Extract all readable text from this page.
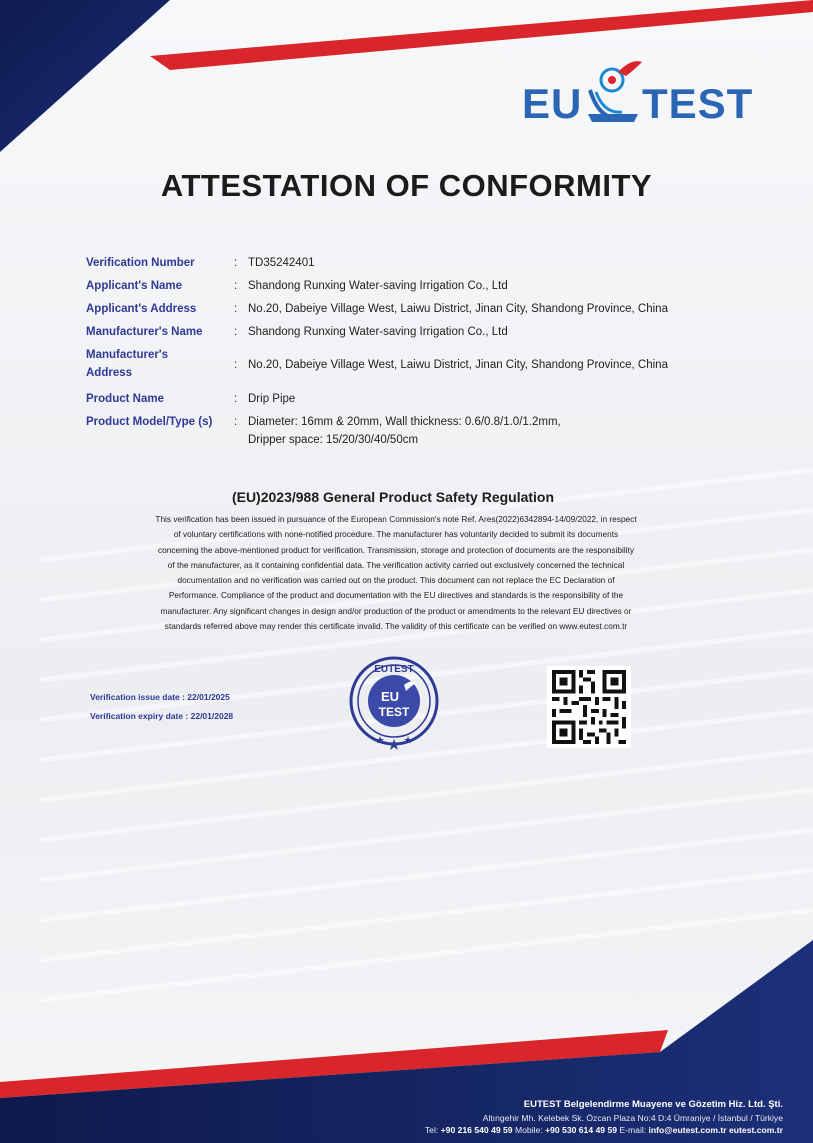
EU TEST
ATTESTATION OF CONFORMITY
Verification Number	: TD35242401
Applicant's Name	: Shandong Runxing Water-saving Irrigation Co., Ltd
Applicant's Address	: No.20, Dabeiye Village West, Laiwu District, Jinan City, Shandong Province, China
Manufacturer's Name	: Shandong Runxing Water-saving Irrigation Co., Ltd
Manufacturer's
Address
: No.20, Dabeiye Village West, Laiwu District, Jinan City, Shandong Province, China
Product Name	: Drip Pipe
Product Model/Type (s)	: Diameter: 16mm & 20mm, Wall thickness: 0.6/0.8/1.0/1.2mm,
Dripper space: 15/20/30/40/50cm
(EU)2023/988 General Product Safety Regulation
This verification has been issued in pursuance of the European Commission's note Ref. Ares(2022)6342894-14/09/2022, in respect
of voluntary certifications with none-notified procedure. The manufacturer has voluntarily decided to submit its documents
concerning the above-mentioned product for verification. Transmission, storage and protection of documents are the responsibility
of the manufacturer, as it containing confidential data. The verification activity carried out exclusively concerned the technical
documentation and no verification was carried out on the product. This document can not replace the EC Declaration of
Performance. Compliance of the product and documentation with the EU directives and standards is the responsibility of the
manufacturer. Any significant changes in design and/or production of the product or amendments to the relevant EU directives or
standards referred above may render this certificate invalid. The validity of this certificate can be verified on www.eutest.com.tr
Verification issue date : 22/01/2025
Verification expiry date : 22/01/2028
EUTEST
EU
TEST
EUTEST Belgelendirme Muayene ve Gözetim Hiz. Ltd. Şti.
Altıngehir Mh. Kelebek Sk. Özcan Plaza No:4 D:4 Ümraniye / İstanbul / Türkiye
Tel: +90 216 540 49 59 Mobile: +90 530 614 49 59 E-mail: info@eutest.com.tr eutest.com.tr
